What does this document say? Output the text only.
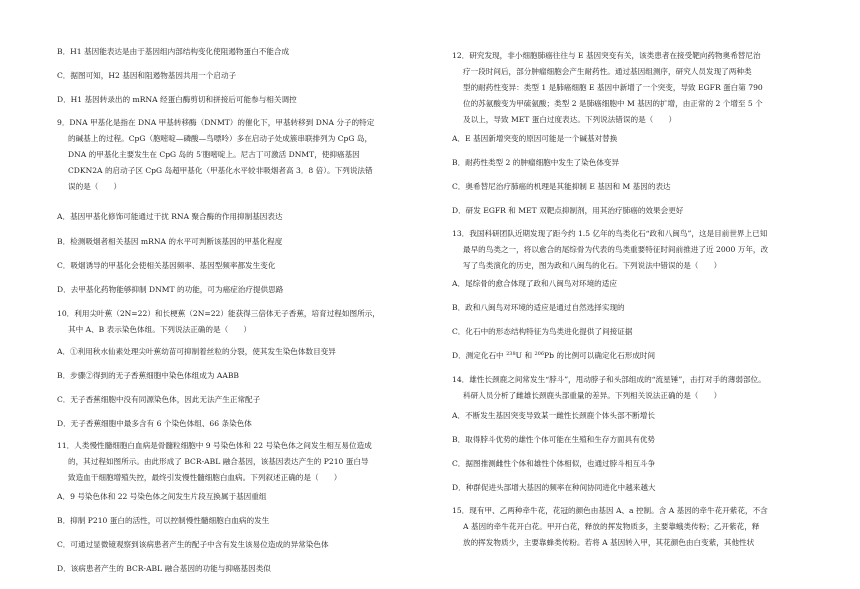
B．H1 基因能表达是由于基因组内部结构变化使阻遏物蛋白不能合成
C．据图可知，H2 基因和阻遏物基因共用一个启动子
D．H1 基因转录出的 mRNA 经蛋白酶剪切和拼接后可能参与相关调控
9．DNA 甲基化是指在 DNA 甲基转移酶（DNMT）的催化下，甲基转移到 DNA 分子的特定
的碱基上的过程。CpG（胞嘧啶—磷酸—鸟嘌呤）多在启动子处成簇串联排列为 CpG 岛，
DNA 的甲基化主要发生在 CpG 岛的 5′胞嘧啶上。尼古丁可激活 DNMT，使抑癌基因
CDKN2A 的启动子区 CpG 岛超甲基化（甲基化水平较非吸烟者高 3．8 倍）。下列说法错
误的是（　　）
A．基因甲基化修饰可能通过干扰 RNA 聚合酶的作用抑制基因表达
B．检测吸烟者相关基因 mRNA 的水平可判断该基因的甲基化程度
C．吸烟诱导的甲基化会使相关基因频率、基因型频率都发生变化
D．去甲基化药物能够抑制 DNMT 的功能，可为癌症治疗提供思路
10．利用尖叶蕉（2N=22）和长梗蕉（2N=22）能获得三倍体无子香蕉，培育过程如图所示，
其中 A、B 表示染色体组。下列说法正确的是（　　）
A．①利用秋水仙素处理尖叶蕉幼苗可抑制着丝粒的分裂，使其发生染色体数目变异
B．步骤②得到的无子香蕉细胞中染色体组成为 AABB
C．无子香蕉细胞中没有同源染色体，因此无法产生正常配子
D．无子香蕉细胞中最多含有 6 个染色体组、66 条染色体
11．人类慢性髓细胞白血病是骨髓粒细胞中 9 号染色体和 22 号染色体之间发生相互易位造成
的，其过程如图所示。由此形成了 BCR-ABL 融合基因，该基因表达产生的 P210 蛋白导
致造血干细胞增殖失控，最终引发慢性髓细胞白血病。下列叙述正确的是（　　）
A．9 号染色体和 22 号染色体之间发生片段互换属于基因重组
B．抑制 P210 蛋白的活性，可以控制慢性髓细胞白血病的发生
C．可通过显微镜观察到该病患者产生的配子中含有发生该易位造成的异常染色体
D．该病患者产生的 BCR-ABL 融合基因的功能与抑癌基因类似
12．研究发现，非小细胞肺癌往往与 E 基因突变有关，该类患者在接受靶向药物奥希替尼治
疗一段时间后，部分肿瘤细胞会产生耐药性。通过基因组测序，研究人员发现了两种类
型的耐药性变异：类型 1 是肺癌细胞 E 基因中新增了一个突变，导致 EGFR 蛋白第 790
位的苏氨酸变为甲硫氨酸；类型 2 是肺癌细胞中 M 基因的扩增，由正常的 2 个增至 5 个
及以上，导致 MET 蛋白过度表达。下列说法错误的是（　　）
A．E 基因新增突变的原因可能是一个碱基对替换
B．耐药性类型 2 的肿瘤细胞中发生了染色体变异
C．奥希替尼治疗肺癌的机理是其能抑制 E 基因和 M 基因的表达
D．研发 EGFR 和 MET 双靶点抑制剂，用其治疗肺癌的效果会更好
13．我国科研团队近期发现了距今约 1.5 亿年的鸟类化石“政和八闽鸟”，这是目前世界上已知
最早的鸟类之一，将以愈合的尾综骨为代表的鸟类重要特征时间前推进了近 2000 万年，改
写了鸟类演化的历史，图为政和八闽鸟的化石。下列说法中错误的是（　　）
A．尾综骨的愈合体现了政和八闽鸟对环境的适应
B．政和八闽鸟对环境的适应是通过自然选择实现的
C．化石中的形态结构特征为鸟类进化提供了间接证据
D．测定化石中 $^{238}$U 和 $^{206}$Pb 的比例可以确定化石形成时间
14．雄性长颈鹿之间常发生“脖斗”，甩动脖子和头部组成的“流星锤”，击打对手的薄弱部位。
科研人员分析了雌雄长颈鹿头部重量的差异。下列相关说法正确的是（　　）
A．不断发生基因突变导致某一雌性长颈鹿个体头部不断增长
B．取得脖斗优势的雄性个体可能在生殖和生存方面具有优势
C．据图推测雌性个体和雄性个体相似，也通过脖斗相互斗争
D．种群促进头部增大基因的频率在种间协同进化中越来越大
15．现有甲、乙两种牵牛花，花冠的颜色由基因 A、a 控制。含 A 基因的牵牛花开紫花，不含
A 基因的牵牛花开白花。甲开白花，释放的挥发物质多，主要靠蛾类传粉；乙开紫花，释
放的挥发物质少，主要靠蜂类传粉。若将 A 基因转入甲，其花颜色由白变紫，其他性状
